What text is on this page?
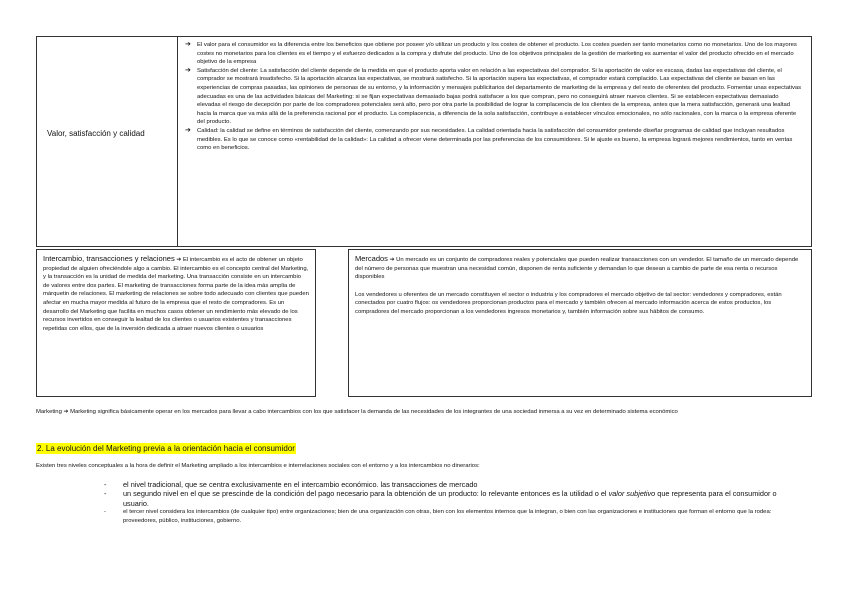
Valor, satisfacción y calidad
➔	El valor para el consumidor es la diferencia entre los beneficios que obtiene por poseer y/o utilizar un producto y los costes de obtener el producto. Los costes pueden ser tanto monetarios como no monetarios. Uno de los mayores costes no monetarios para los clientes es el tiempo y el esfuerzo dedicados a la compra y disfrute del producto. Uno de los objetivos principales de la gestión de marketing es aumentar el valor del producto ofrecido en el mercado objetivo de la empresa
➔	Satisfacción del cliente: La satisfacción del cliente depende de la medida en que el producto aporta valor en relación a las expectativas del comprador. Si la aportación de valor es escasa, dadas las expectativas del cliente, el comprador se mostrará insatisfecho. Si la aportación alcanza las expectativas, se mostrará satisfecho. Si la aportación supera las expectativas, el comprador estará complacido. Las expectativas del cliente se basan en las experiencias de compras pasadas, las opiniones de personas de su entorno, y la información y mensajes publicitarios del departamento de marketing de la empresa y del resto de oferentes del producto. Fomentar unas expectativas adecuadas es una de las actividades básicas del Marketing: si se fijan expectativas demasiado bajas podrá satisfacer a los que compran, pero no conseguirá atraer nuevos clientes. Si se establecen expectativas demasiado elevadas el riesgo de decepción por parte de los compradores potenciales será alto, pero por otra parte la posibilidad de lograr la complacencia de los clientes de la empresa, antes que la mera satisfacción, generará una lealtad hacia la marca que va más allá de la preferencia racional por el producto. La complacencia, a diferencia de la sola satisfacción, contribuye a establecer vínculos emocionales, no sólo racionales, con la marca o la empresa oferente del producto.
➔	Calidad: la calidad se define en términos de satisfacción del cliente, comenzando por sus necesidades. La calidad orientada hacia la satisfacción del consumidor pretende diseñar programas de calidad que incluyan resultados medibles. Es lo que se conoce como «rentabilidad de la calidad»: La calidad a ofrecer viene determinada por las preferencias de los consumidores. Si le ajuste es bueno, la empresa logrará mejores rendimientos, tanto en ventas como en beneficios.
Intercambio, transacciones y relaciones ➔ El intercambio es el acto de obtener un objeto propiedad de alguien ofreciéndole algo a cambio. El intercambio es el concepto central del Marketing, y la transacción es la unidad de medida del marketing. Una transacción consiste en un intercambio de valores entre dos partes. El marketing de transacciones forma parte de la idea más amplia de márquetin de relaciones. El marketing de relaciones se sobre todo adecuado con clientes que pueden afectar en mucha mayor medida al futuro de la empresa que el resto de compradores. Es un desarrollo del Marketing que facilita en muchos casos obtener un rendimiento más elevado de los recursos invertidos en conseguir la lealtad de los clientes o usuarios existentes y transacciones repetidas con ellos, que de la inversión dedicada a atraer nuevos clientes o usuarios
Mercados ➔ Un mercado es un conjunto de compradores reales y potenciales que pueden realizar transacciones con un vendedor. El tamaño de un mercado depende del número de personas que muestran una necesidad común, disponen de renta suficiente y demandan lo que desean a cambio de parte de esa renta o recursos disponibles
Los vendedores u oferentes de un mercado constituyen el sector o industria y los compradores el mercado objetivo de tal sector: vendedores y compradores, están conectados por cuatro flujos: os vendedores proporcionan productos para el mercado y también ofrecen al mercado información acerca de estos productos, los compradores del mercado proporcionan a los vendedores ingresos monetarios y, también información sobre sus hábitos de consumo.
Marketing ➔ Marketing significa básicamente operar en los mercados para llevar a cabo intercambios con los que satisfacer la demanda de las necesidades de los integrantes de una sociedad inmersa a su vez en determinado sistema económico
2. La evolución del Marketing previa a la orientación hacia el consumidor
Existen tres niveles conceptuales a la hora de definir el Marketing ampliado a los intercambios e interrelaciones sociales con el entorno y a los intercambios no dinerarios:
-	el nivel tradicional, que se centra exclusivamente en el intercambio económico. las transacciones de mercado
-	un segundo nivel en el que se prescinde de la condición del pago necesario para la obtención de un producto: lo relevante entonces es la utilidad o el valor subjetivo que representa para el consumidor o usuario.
-	el tercer nivel considera los intercambios (de cualquier tipo) entre organizaciones; bien de una organización con otras, bien con los elementos internos que la integran, o bien con las organizaciones e instituciones que forman el entorno que la rodea: proveedores, público, instituciones, gobierno.
